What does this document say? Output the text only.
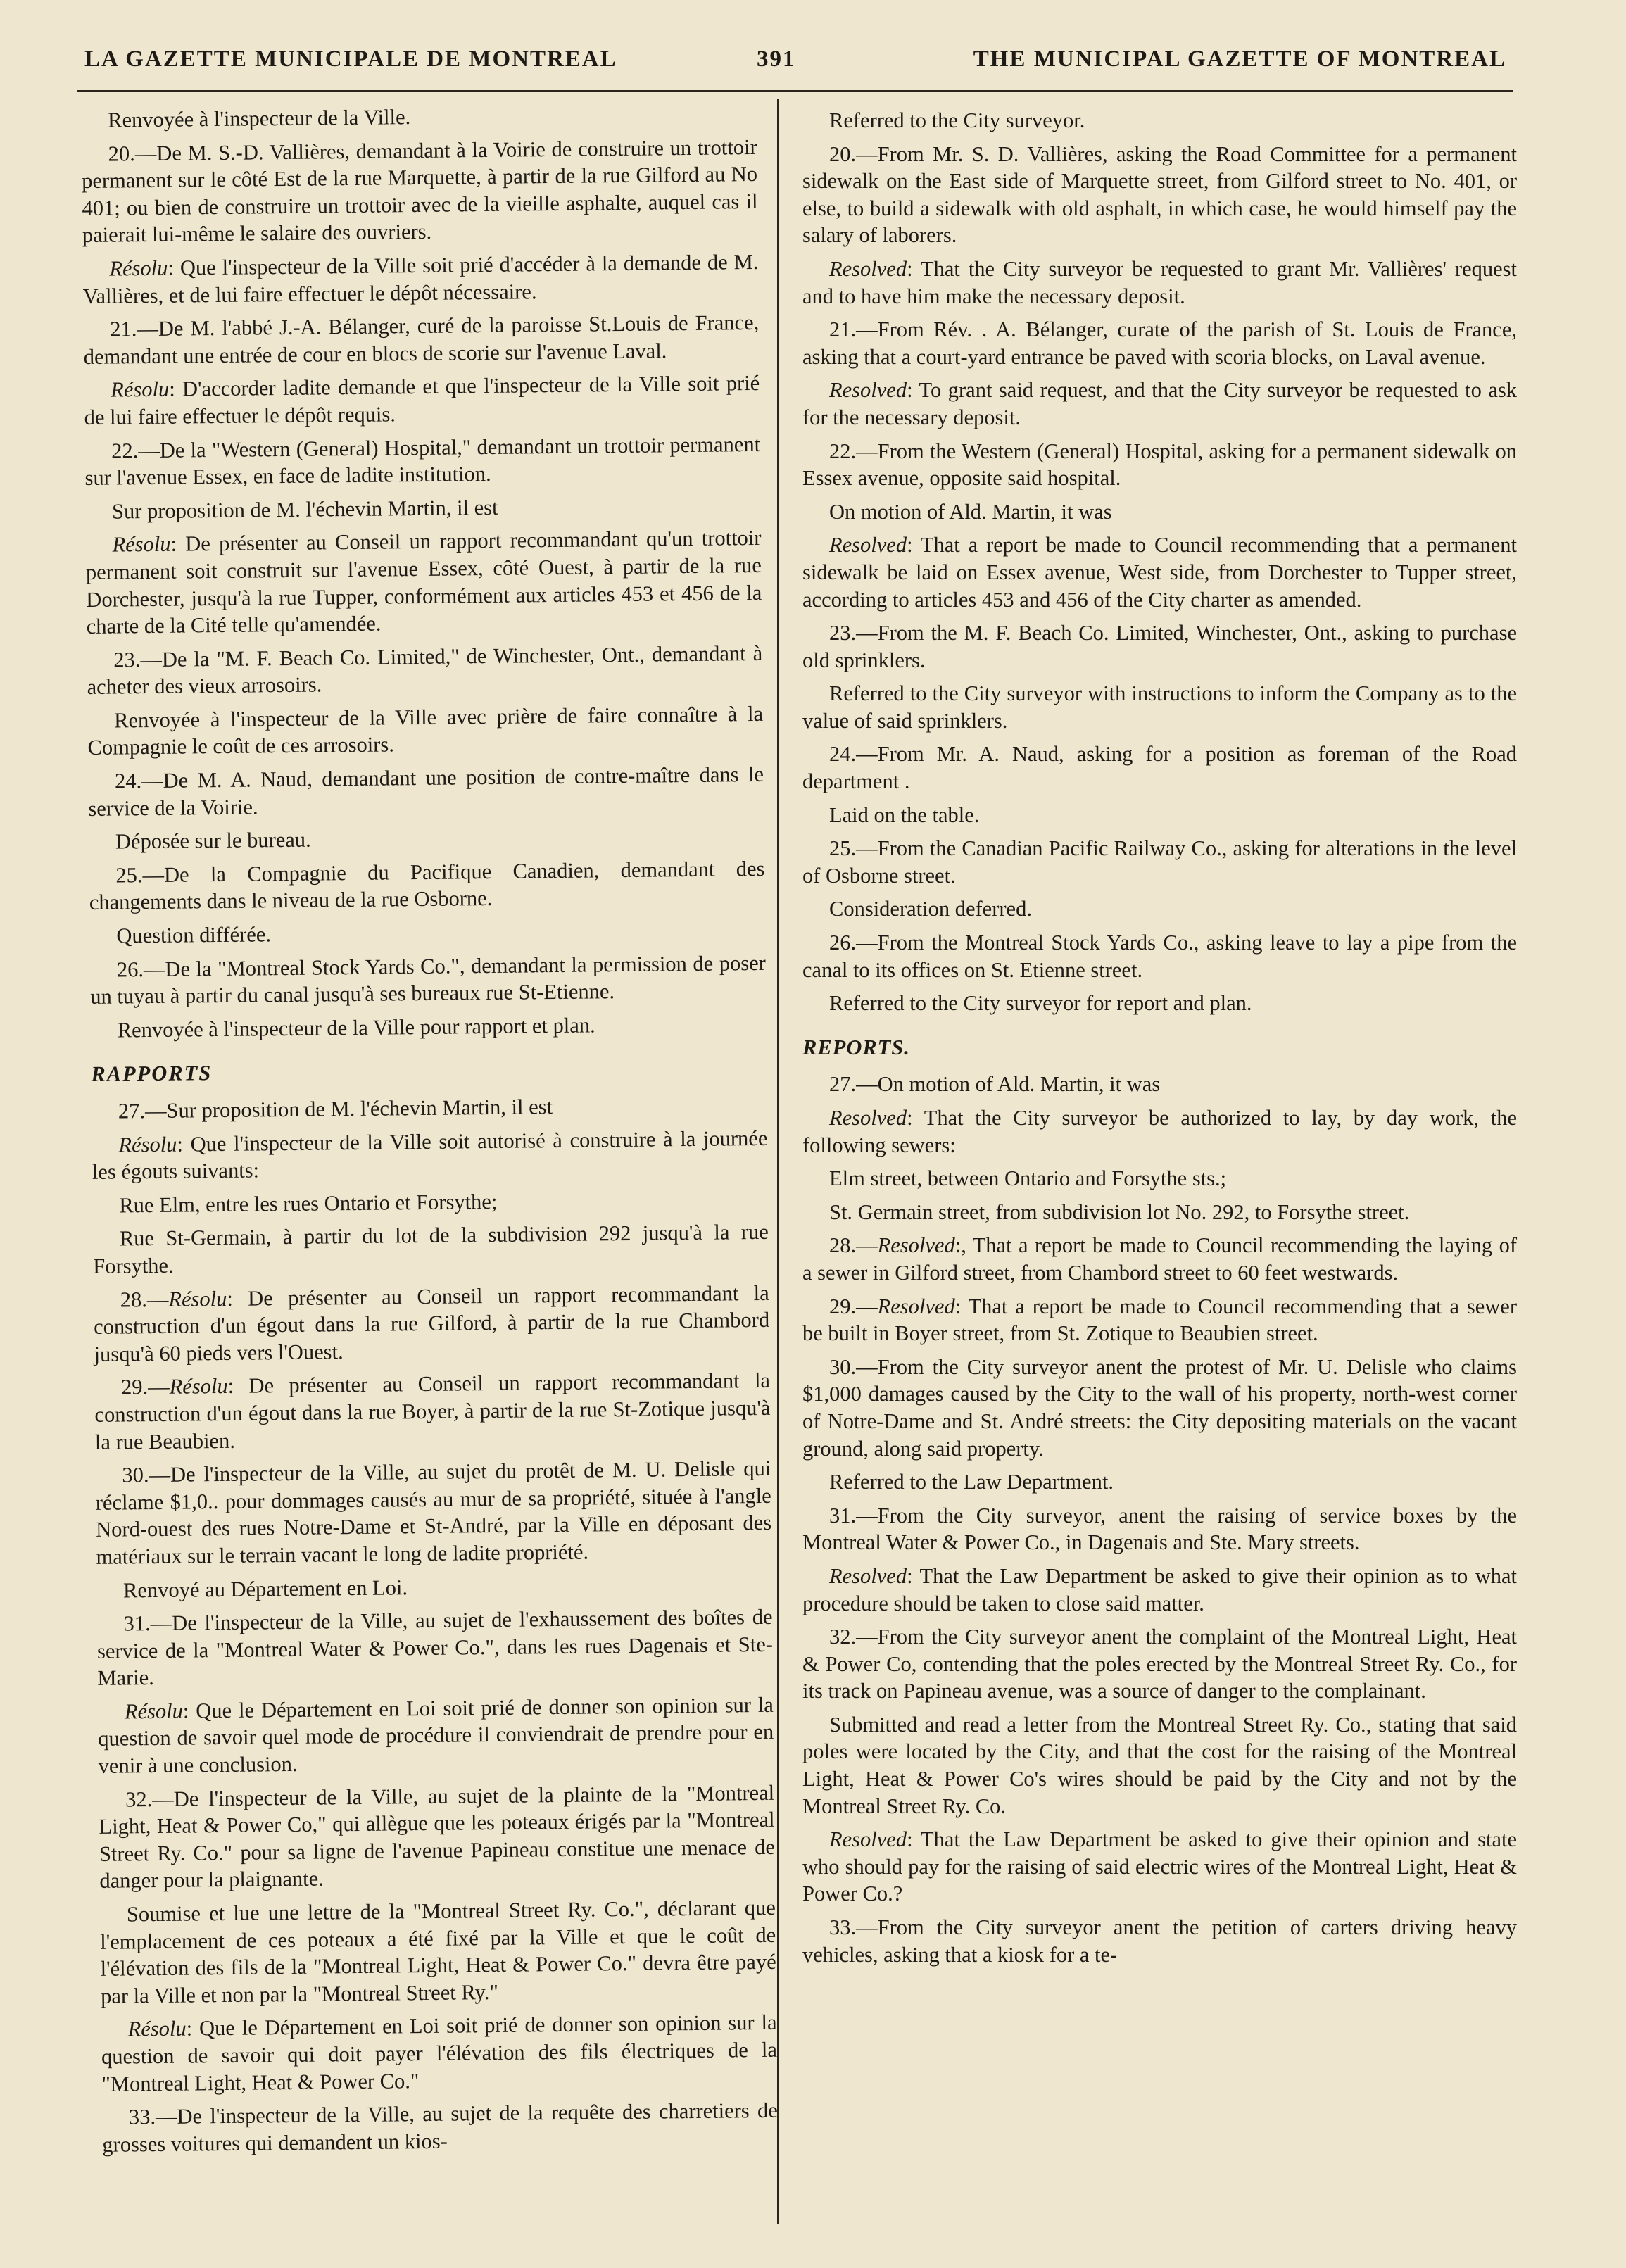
LA GAZETTE MUNICIPALE DE MONTREAL	391	THE MUNICIPAL GAZETTE OF MONTREAL

Renvoyée à l'inspecteur de la Ville.

20.—De M. S.-D. Vallières, demandant à la Voirie de construire un trottoir permanent sur le côté Est de la rue Marquette, à partir de la rue Gilford au No 401; ou bien de construire un trottoir avec de la vieille asphalte, auquel cas il paierait lui-même le salaire des ouvriers.

Résolu: Que l'inspecteur de la Ville soit prié d'accéder à la demande de M. Vallières, et de lui faire effectuer le dépôt nécessaire.

21.—De M. l'abbé J.-A. Bélanger, curé de la paroisse St.Louis de France, demandant une entrée de cour en blocs de scorie sur l'avenue Laval.

Résolu: D'accorder ladite demande et que l'inspecteur de la Ville soit prié de lui faire effectuer le dépôt requis.

22.—De la "Western (General) Hospital," demandant un trottoir permanent sur l'avenue Essex, en face de ladite institution.

Sur proposition de M. l'échevin Martin, il est

Résolu: De présenter au Conseil un rapport recommandant qu'un trottoir permanent soit construit sur l'avenue Essex, côté Ouest, à partir de la rue Dorchester, jusqu'à la rue Tupper, conformément aux articles 453 et 456 de la charte de la Cité telle qu'amendée.

23.—De la "M. F. Beach Co. Limited," de Winchester, Ont., demandant à acheter des vieux arrosoirs.

Renvoyée à l'inspecteur de la Ville avec prière de faire connaître à la Compagnie le coût de ces arrosoirs.

24.—De M. A. Naud, demandant une position de contre-maître dans le service de la Voirie.

Déposée sur le bureau.

25.—De la Compagnie du Pacifique Canadien, demandant des changements dans le niveau de la rue Osborne.

Question différée.

26.—De la "Montreal Stock Yards Co.", demandant la permission de poser un tuyau à partir du canal jusqu'à ses bureaux rue St-Etienne.

Renvoyée à l'inspecteur de la Ville pour rapport et plan.

RAPPORTS

27.—Sur proposition de M. l'échevin Martin, il est

Résolu: Que l'inspecteur de la Ville soit autorisé à construire à la journée les égouts suivants:

Rue Elm, entre les rues Ontario et Forsythe;

Rue St-Germain, à partir du lot de la subdivision 292 jusqu'à la rue Forsythe.

28.—Résolu: De présenter au Conseil un rapport recommandant la construction d'un égout dans la rue Gilford, à partir de la rue Chambord jusqu'à 60 pieds vers l'Ouest.

29.—Résolu: De présenter au Conseil un rapport recommandant la construction d'un égout dans la rue Boyer, à partir de la rue St-Zotique jusqu'à la rue Beaubien.

30.—De l'inspecteur de la Ville, au sujet du protêt de M. U. Delisle qui réclame $1,0.. pour dommages causés au mur de sa propriété, située à l'angle Nord-ouest des rues Notre-Dame et St-André, par la Ville en déposant des matériaux sur le terrain vacant le long de ladite propriété.

Renvoyé au Département en Loi.

31.—De l'inspecteur de la Ville, au sujet de l'exhaussement des boîtes de service de la "Montreal Water & Power Co.", dans les rues Dagenais et Ste-Marie.

Résolu: Que le Département en Loi soit prié de donner son opinion sur la question de savoir quel mode de procédure il conviendrait de prendre pour en venir à une conclusion.

32.—De l'inspecteur de la Ville, au sujet de la plainte de la "Montreal Light, Heat & Power Co," qui allègue que les poteaux érigés par la "Montreal Street Ry. Co." pour sa ligne de l'avenue Papineau constitue une menace de danger pour la plaignante.

Soumise et lue une lettre de la "Montreal Street Ry. Co.", déclarant que l'emplacement de ces poteaux a été fixé par la Ville et que le coût de l'élévation des fils de la "Montreal Light, Heat & Power Co." devra être payé par la Ville et non par la "Montreal Street Ry."

Résolu: Que le Département en Loi soit prié de donner son opinion sur la question de savoir qui doit payer l'élévation des fils électriques de la "Montreal Light, Heat & Power Co."

33.—De l'inspecteur de la Ville, au sujet de la requête des charretiers de grosses voitures qui demandent un kios-

Referred to the City surveyor.

20.—From Mr. S. D. Vallières, asking the Road Committee for a permanent sidewalk on the East side of Marquette street, from Gilford street to No. 401, or else, to build a sidewalk with old asphalt, in which case, he would himself pay the salary of laborers.

Resolved: That the City surveyor be requested to grant Mr. Vallières' request and to have him make the necessary deposit.

21.—From Rév. . A. Bélanger, curate of the parish of St. Louis de France, asking that a court-yard entrance be paved with scoria blocks, on Laval avenue.

Resolved: To grant said request, and that the City surveyor be requested to ask for the necessary deposit.

22.—From the Western (General) Hospital, asking for a permanent sidewalk on Essex avenue, opposite said hospital.

On motion of Ald. Martin, it was

Resolved: That a report be made to Council recommending that a permanent sidewalk be laid on Essex avenue, West side, from Dorchester to Tupper street, according to articles 453 and 456 of the City charter as amended.

23.—From the M. F. Beach Co. Limited, Winchester, Ont., asking to purchase old sprinklers.

Referred to the City surveyor with instructions to inform the Company as to the value of said sprinklers.

24.—From Mr. A. Naud, asking for a position as foreman of the Road department .

Laid on the table.

25.—From the Canadian Pacific Railway Co., asking for alterations in the level of Osborne street.

Consideration deferred.

26.—From the Montreal Stock Yards Co., asking leave to lay a pipe from the canal to its offices on St. Etienne street.

Referred to the City surveyor for report and plan.

REPORTS.

27.—On motion of Ald. Martin, it was

Resolved: That the City surveyor be authorized to lay, by day work, the following sewers:

Elm street, between Ontario and Forsythe sts.;

St. Germain street, from subdivision lot No. 292, to Forsythe street.

28.—Resolved:, That a report be made to Council recommending the laying of a sewer in Gilford street, from Chambord street to 60 feet westwards.

29.—Resolved: That a report be made to Council recommending that a sewer be built in Boyer street, from St. Zotique to Beaubien street.

30.—From the City surveyor anent the protest of Mr. U. Delisle who claims $1,000 damages caused by the City to the wall of his property, north-west corner of Notre-Dame and St. André streets: the City depositing materials on the vacant ground, along said property.

Referred to the Law Department.

31.—From the City surveyor, anent the raising of service boxes by the Montreal Water & Power Co., in Dagenais and Ste. Mary streets.

Resolved: That the Law Department be asked to give their opinion as to what procedure should be taken to close said matter.

32.—From the City surveyor anent the complaint of the Montreal Light, Heat & Power Co, contending that the poles erected by the Montreal Street Ry. Co., for its track on Papineau avenue, was a source of danger to the complainant.

Submitted and read a letter from the Montreal Street Ry. Co., stating that said poles were located by the City, and that the cost for the raising of the Montreal Light, Heat & Power Co's wires should be paid by the City and not by the Montreal Street Ry. Co.

Resolved: That the Law Department be asked to give their opinion and state who should pay for the raising of said electric wires of the Montreal Light, Heat & Power Co.?

33.—From the City surveyor anent the petition of carters driving heavy vehicles, asking that a kiosk for a te-
